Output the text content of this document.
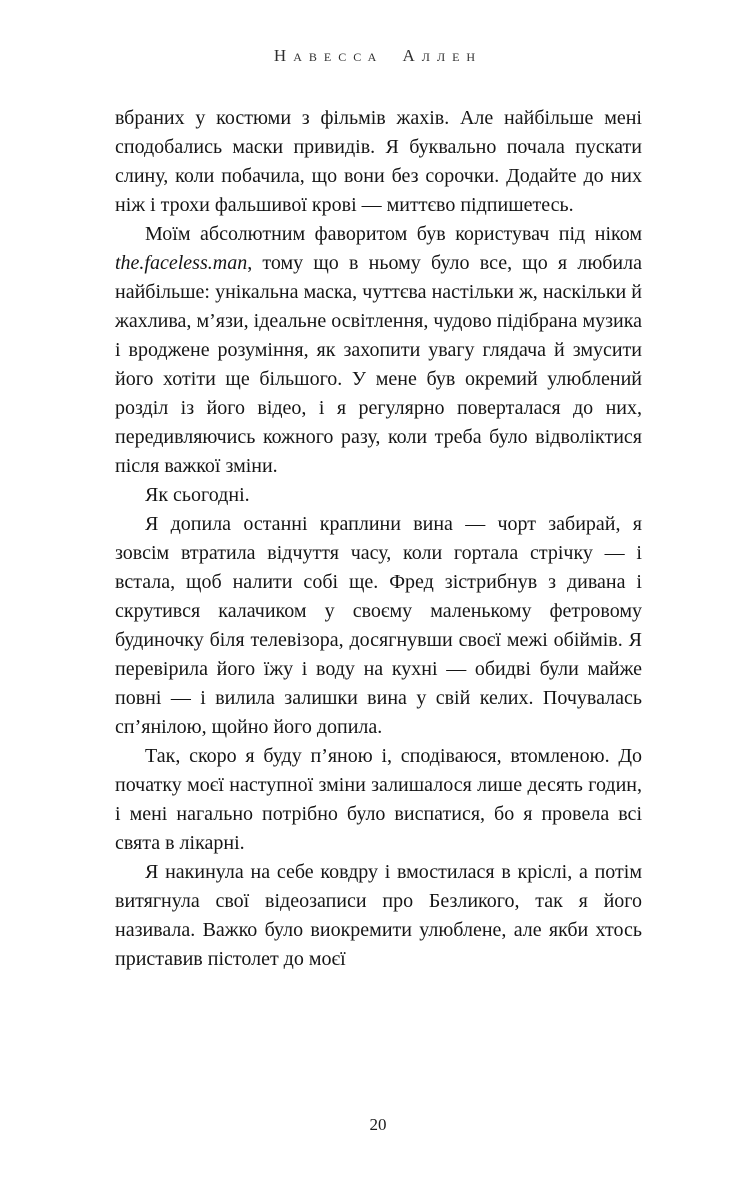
Навесса Аллен

вбраних у костюми з фільмів жахів. Але найбільше мені сподобались маски привидів. Я буквально почала пускати слину, коли побачила, що вони без сорочки. Додайте до них ніж і трохи фальшивої крові — миттєво підпишетесь.

Моїм абсолютним фаворитом був користувач під ніком the.faceless.man, тому що в ньому було все, що я любила найбільше: унікальна маска, чуттєва настільки ж, наскільки й жахлива, м’язи, ідеальне освітлення, чудово підібрана музика і вроджене розуміння, як захопити увагу глядача й змусити його хотіти ще більшого. У мене був окремий улюблений розділ із його відео, і я регулярно поверталася до них, передивляючись кожного разу, коли треба було відволіктися після важкої зміни.

Як сьогодні.

Я допила останні краплини вина — чорт забирай, я зовсім втратила відчуття часу, коли гортала стрічку — і встала, щоб налити собі ще. Фред зістрибнув з дивана і скрутився калачиком у своєму маленькому фетровому будиночку біля телевізора, досягнувши своєї межі обіймів. Я перевірила його їжу і воду на кухні — обидві були майже повні — і вилила залишки вина у свій келих. Почувалась сп’янілою, щойно його допила.

Так, скоро я буду п’яною і, сподіваюся, втомленою. До початку моєї наступної зміни залишалося лише десять годин, і мені нагально потрібно було виспатися, бо я провела всі свята в лікарні.

Я накинула на себе ковдру і вмостилася в кріслі, а потім витягнула свої відеозаписи про Безликого, так я його називала. Важко було виокремити улюблене, але якби хтось приставив пістолет до моєї

20
